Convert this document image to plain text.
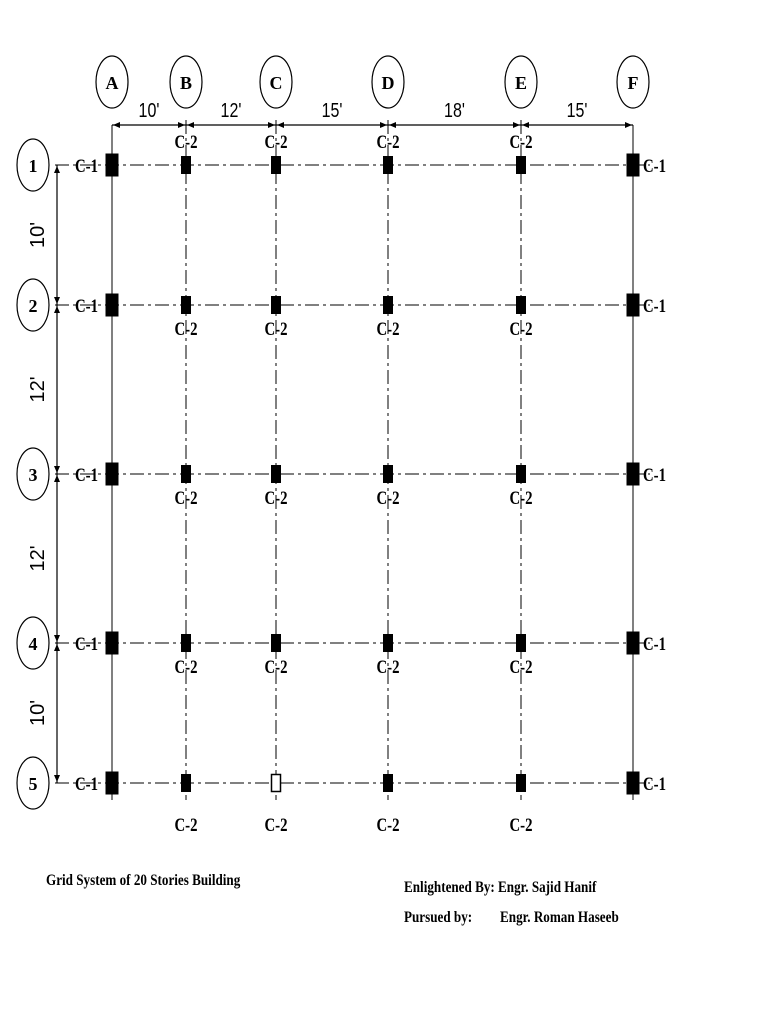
10'	12'	15'	18'	15'
10'
12'
12'
10'
A	B	C	D	E	F
1
2
3
4
5
C-2	C-2	C-2	C-2
C-1	C-1
C-2	C-2	C-2	C-2
C-1	C-1
C-2	C-2	C-2	C-2
C-1	C-1
C-2	C-2	C-2	C-2
C-1	C-1
C-2	C-2	C-2	C-2
C-1	C-1
Grid System of 20 Stories Building	Enlightened By: Engr. Sajid Hanif
Pursued by: Engr. Roman Haseeb
